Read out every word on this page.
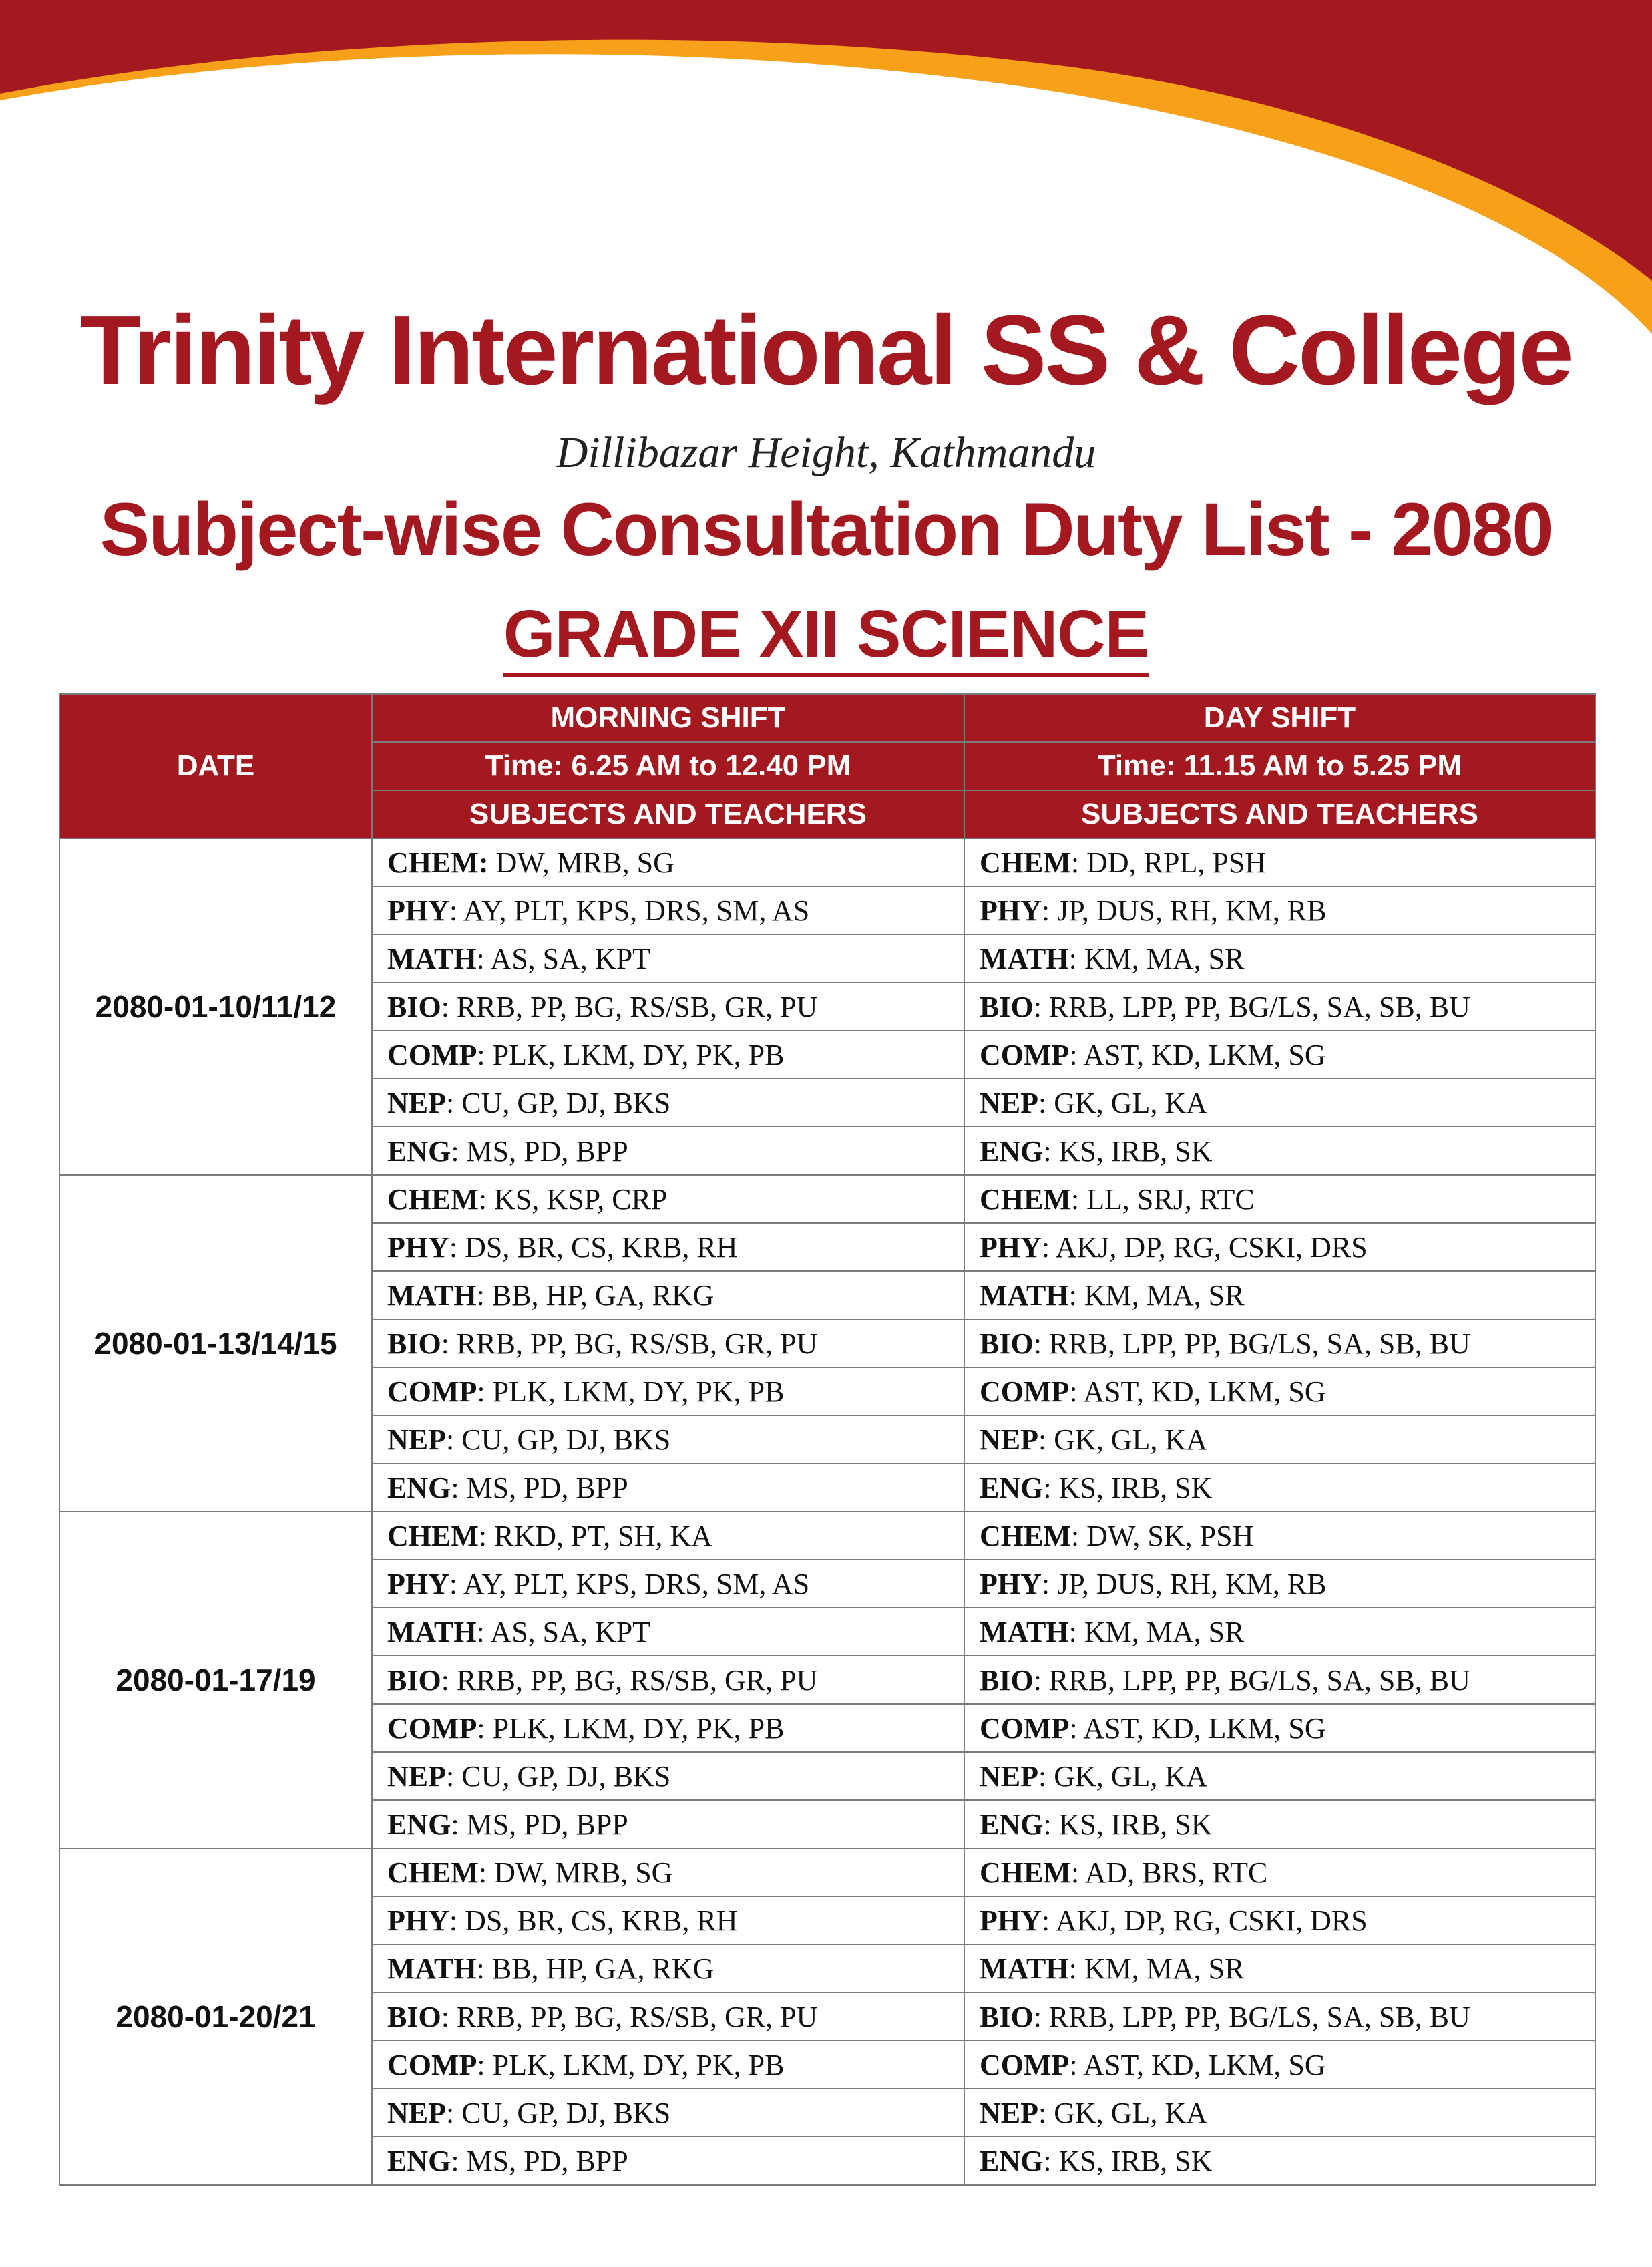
Trinity International SS & College
Dillibazar Height, Kathmandu
Subject-wise Consultation Duty List - 2080
GRADE XII SCIENCE
DATE	MORNING SHIFT	DAY SHIFT
	Time: 6.25 AM to 12.40 PM	Time: 11.15 AM to 5.25 PM
	SUBJECTS AND TEACHERS	SUBJECTS AND TEACHERS
2080-01-10/11/12	CHEM: DW, MRB, SG	CHEM: DD, RPL, PSH
	PHY: AY, PLT, KPS, DRS, SM, AS	PHY: JP, DUS, RH, KM, RB
	MATH: AS, SA, KPT	MATH: KM, MA, SR
	BIO: RRB, PP, BG, RS/SB, GR, PU	BIO: RRB, LPP, PP, BG/LS, SA, SB, BU
	COMP: PLK, LKM, DY, PK, PB	COMP: AST, KD, LKM, SG
	NEP: CU, GP, DJ, BKS	NEP: GK, GL, KA
	ENG: MS, PD, BPP	ENG: KS, IRB, SK
2080-01-13/14/15	CHEM: KS, KSP, CRP	CHEM: LL, SRJ, RTC
	PHY: DS, BR, CS, KRB, RH	PHY: AKJ, DP, RG, CSKI, DRS
	MATH: BB, HP, GA, RKG	MATH: KM, MA, SR
	BIO: RRB, PP, BG, RS/SB, GR, PU	BIO: RRB, LPP, PP, BG/LS, SA, SB, BU
	COMP: PLK, LKM, DY, PK, PB	COMP: AST, KD, LKM, SG
	NEP: CU, GP, DJ, BKS	NEP: GK, GL, KA
	ENG: MS, PD, BPP	ENG: KS, IRB, SK
2080-01-17/19	CHEM: RKD, PT, SH, KA	CHEM: DW, SK, PSH
	PHY: AY, PLT, KPS, DRS, SM, AS	PHY: JP, DUS, RH, KM, RB
	MATH: AS, SA, KPT	MATH: KM, MA, SR
	BIO: RRB, PP, BG, RS/SB, GR, PU	BIO: RRB, LPP, PP, BG/LS, SA, SB, BU
	COMP: PLK, LKM, DY, PK, PB	COMP: AST, KD, LKM, SG
	NEP: CU, GP, DJ, BKS	NEP: GK, GL, KA
	ENG: MS, PD, BPP	ENG: KS, IRB, SK
2080-01-20/21	CHEM: DW, MRB, SG	CHEM: AD, BRS, RTC
	PHY: DS, BR, CS, KRB, RH	PHY: AKJ, DP, RG, CSKI, DRS
	MATH: BB, HP, GA, RKG	MATH: KM, MA, SR
	BIO: RRB, PP, BG, RS/SB, GR, PU	BIO: RRB, LPP, PP, BG/LS, SA, SB, BU
	COMP: PLK, LKM, DY, PK, PB	COMP: AST, KD, LKM, SG
	NEP: CU, GP, DJ, BKS	NEP: GK, GL, KA
	ENG: MS, PD, BPP	ENG: KS, IRB, SK
